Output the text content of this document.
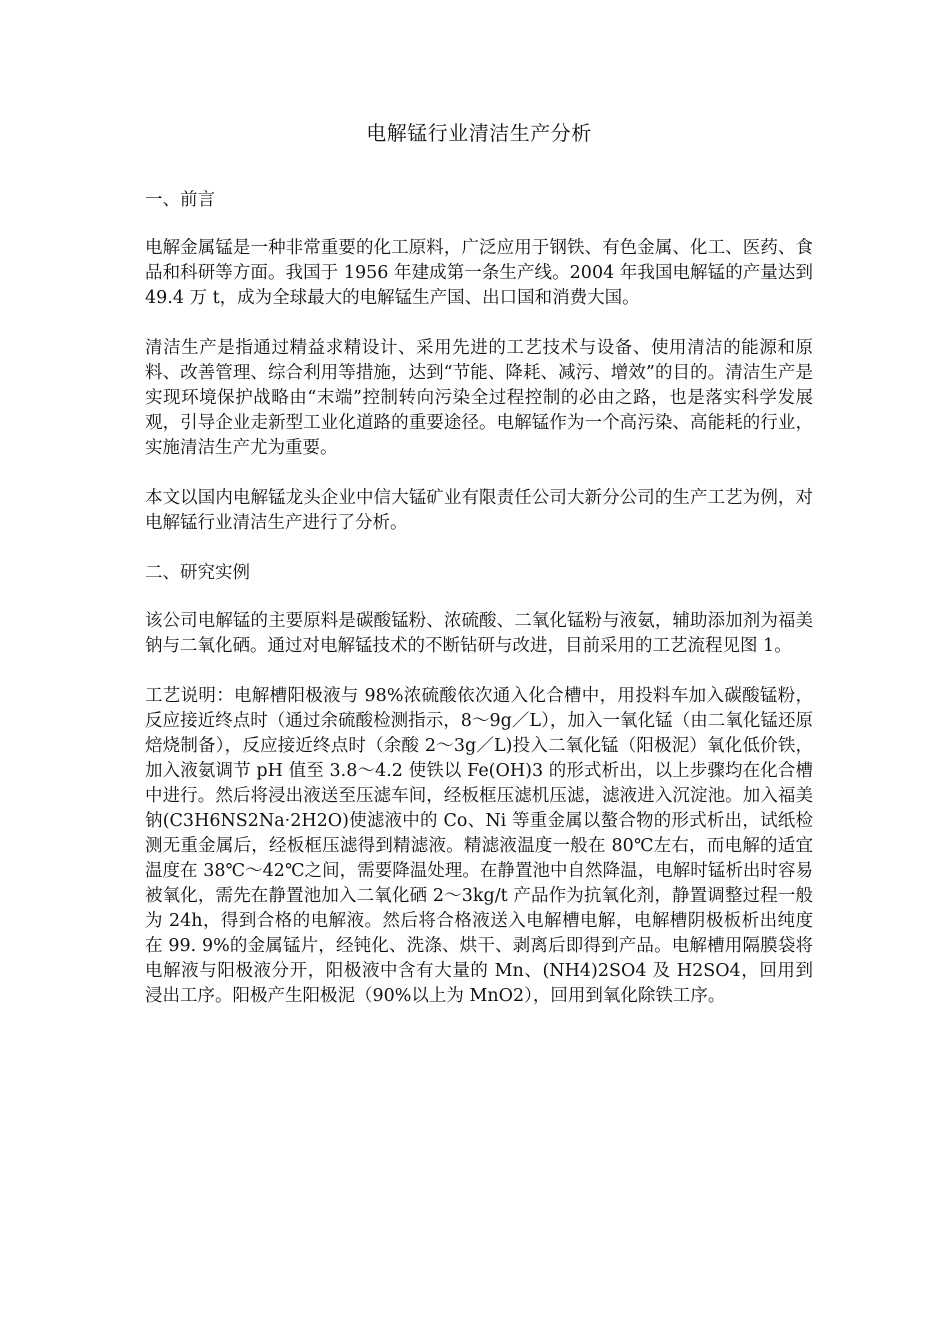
电解锰行业清洁生产分析

一、前言

电解金属锰是一种非常重要的化工原料，广泛应用于钢铁、有色金属、化工、医药、食品和科研等方面。我国于 1956 年建成第一条生产线。2004 年我国电解锰的产量达到 49.4 万 t，成为全球最大的电解锰生产国、出口国和消费大国。

清洁生产是指通过精益求精设计、采用先进的工艺技术与设备、使用清洁的能源和原料、改善管理、综合利用等措施，达到“节能、降耗、减污、增效”的目的。清洁生产是实现环境保护战略由“末端”控制转向污染全过程控制的必由之路，也是落实科学发展观，引导企业走新型工业化道路的重要途径。电解锰作为一个高污染、高能耗的行业，实施清洁生产尤为重要。

本文以国内电解锰龙头企业中信大锰矿业有限责任公司大新分公司的生产工艺为例，对电解锰行业清洁生产进行了分析。

二、研究实例

该公司电解锰的主要原料是碳酸锰粉、浓硫酸、二氧化锰粉与液氨，辅助添加剂为福美钠与二氧化硒。通过对电解锰技术的不断钻研与改进，目前采用的工艺流程见图 1。

工艺说明：电解槽阳极液与 98%浓硫酸依次通入化合槽中，用投料车加入碳酸锰粉，反应接近终点时（通过余硫酸检测指示，8～9g／L），加入一氧化锰（由二氧化锰还原焙烧制备），反应接近终点时（余酸 2～3g／L)投入二氧化锰（阳极泥）氧化低价铁，加入液氨调节 pH 值至 3.8～4.2 使铁以 Fe(OH)3 的形式析出，以上步骤均在化合槽中进行。然后将浸出液送至压滤车间，经板框压滤机压滤，滤液进入沉淀池。加入福美钠(C3H6NS2Na·2H2O)使滤液中的 Co、Ni 等重金属以螯合物的形式析出，试纸检测无重金属后，经板框压滤得到精滤液。精滤液温度一般在 80℃左右，而电解的适宜温度在 38℃～42℃之间，需要降温处理。在静置池中自然降温，电解时锰析出时容易被氧化，需先在静置池加入二氧化硒 2～3kg/t 产品作为抗氧化剂，静置调整过程一般为 24h，得到合格的电解液。然后将合格液送入电解槽电解，电解槽阴极板析出纯度在 99. 9%的金属锰片，经钝化、洗涤、烘干、剥离后即得到产品。电解槽用隔膜袋将电解液与阳极液分开，阳极液中含有大量的 Mn、(NH4)2SO4 及 H2SO4，回用到浸出工序。阳极产生阳极泥（90%以上为 MnO2），回用到氧化除铁工序。
